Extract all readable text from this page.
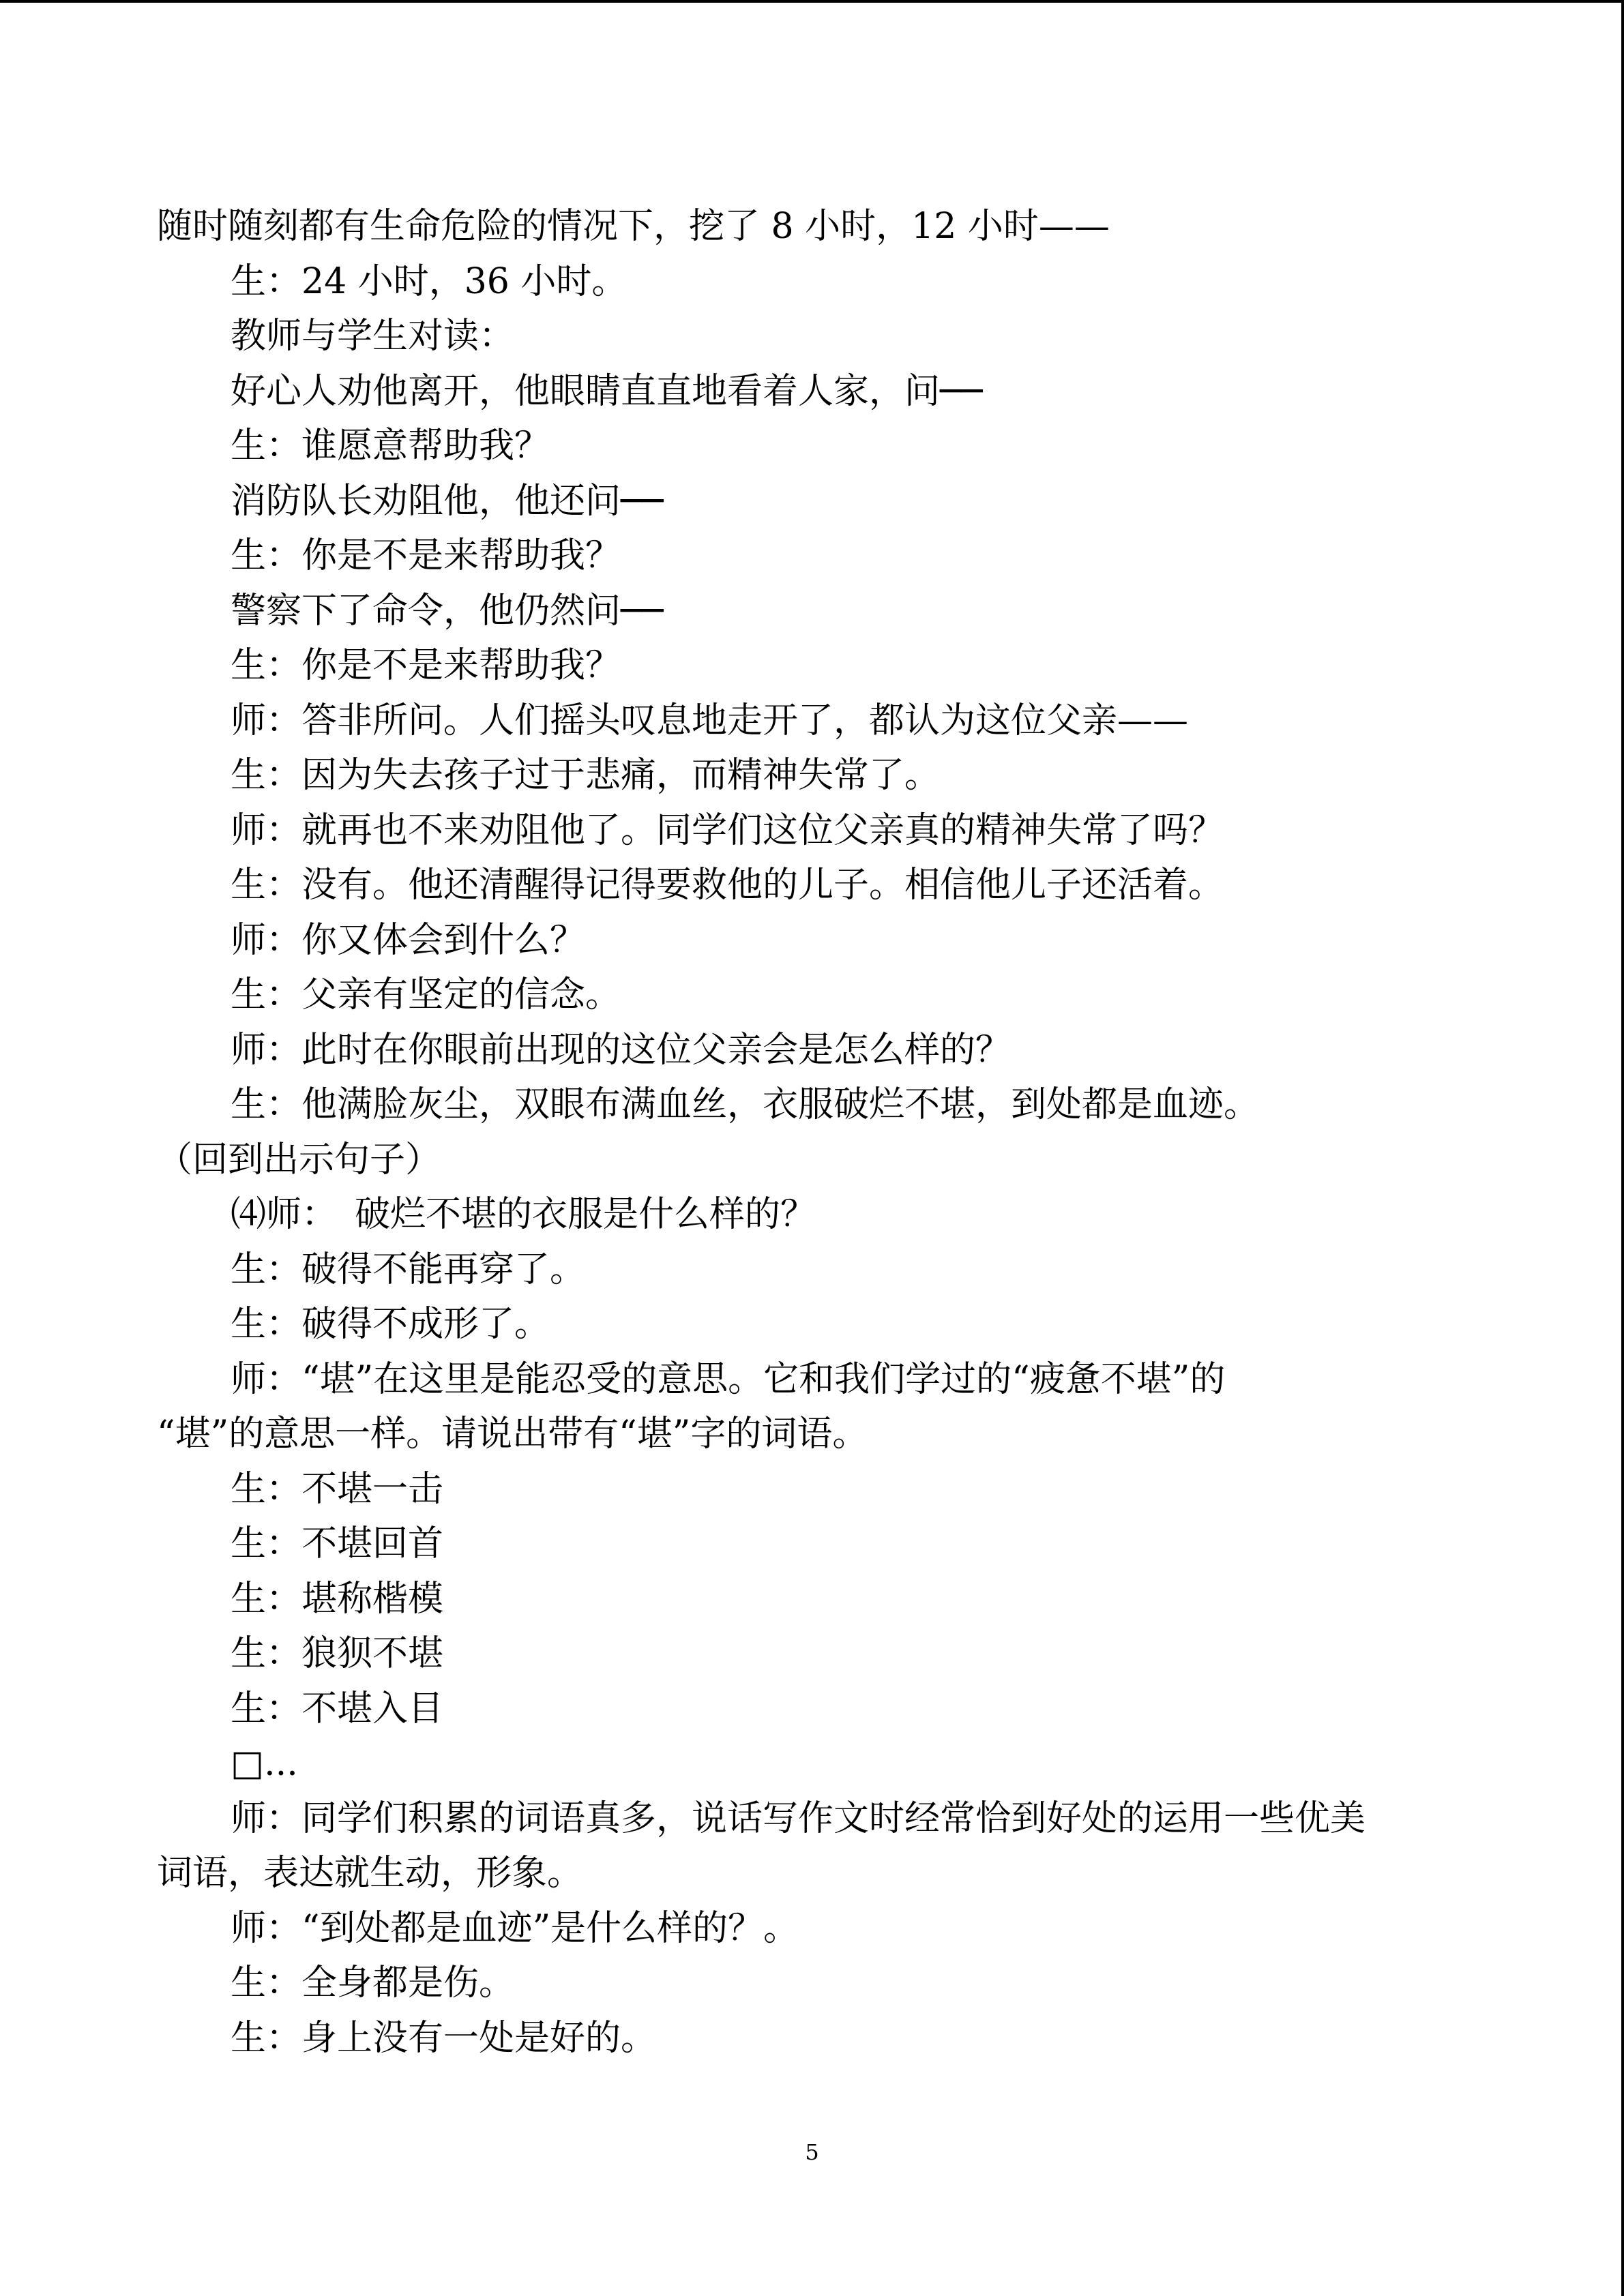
随时随刻都有生命危险的情况下，挖了 8 小时，12 小时——
生：24 小时，36 小时。
教师与学生对读：
好心人劝他离开，他眼睛直直地看着人家，问──
生：谁愿意帮助我？
消防队长劝阻他，他还问──
生：你是不是来帮助我？
警察下了命令，他仍然问──
生：你是不是来帮助我？
师：答非所问。人们摇头叹息地走开了，都认为这位父亲——
生：因为失去孩子过于悲痛，而精神失常了。
师：就再也不来劝阻他了。同学们这位父亲真的精神失常了吗？
生：没有。他还清醒得记得要救他的儿子。相信他儿子还活着。
师：你又体会到什么？
生：父亲有坚定的信念。
师：此时在你眼前出现的这位父亲会是怎么样的？
生：他满脸灰尘，双眼布满血丝，衣服破烂不堪，到处都是血迹。
（回到出示句子）
⑷师：　破烂不堪的衣服是什么样的？
生：破得不能再穿了。
生：破得不成形了。
师：“堪”在这里是能忍受的意思。它和我们学过的“疲惫不堪”的
“堪”的意思一样。请说出带有“堪”字的词语。
生：不堪一击
生：不堪回首
生：堪称楷模
生：狼狈不堪
生：不堪入目
□...
师：同学们积累的词语真多，说话写作文时经常恰到好处的运用一些优美
词语，表达就生动，形象。
师：“到处都是血迹”是什么样的？。
生：全身都是伤。
生：身上没有一处是好的。
5
